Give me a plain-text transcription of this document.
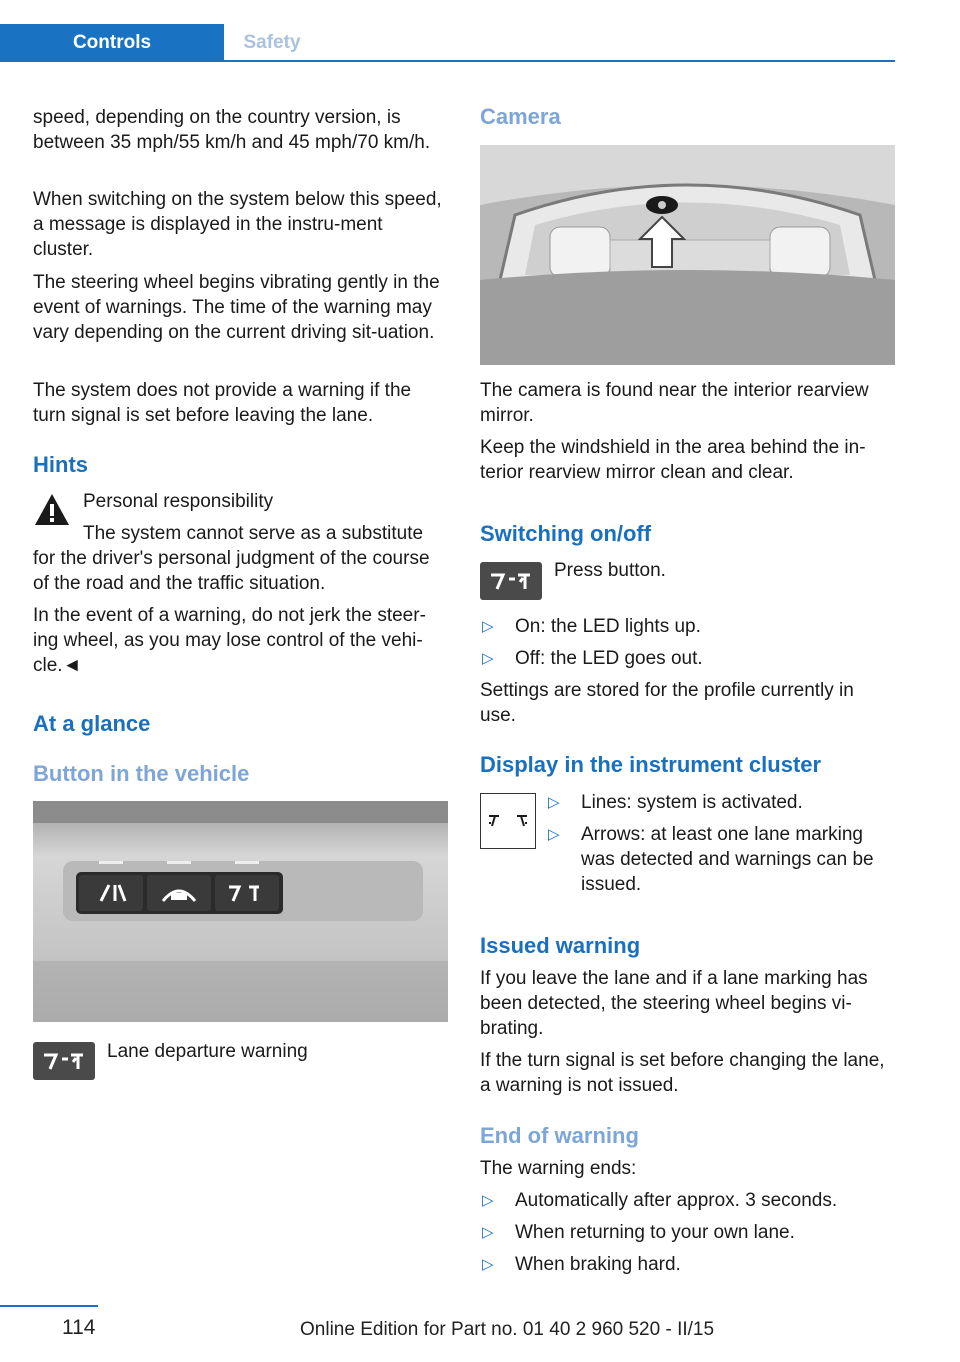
Controls	Safety

speed, depending on the country version, is between 35 mph/55 km/h and 45 mph/70 km/h.

When switching on the system below this speed, a message is displayed in the instru‐ment cluster.

The steering wheel begins vibrating gently in the event of warnings. The time of the warning may vary depending on the current driving sit‐uation.

The system does not provide a warning if the turn signal is set before leaving the lane.

Hints
Personal responsibility
The system cannot serve as a substitute

for the driver's personal judgment of the course of the road and the traffic situation.

In the event of a warning, do not jerk the steer‐ing wheel, as you may lose control of the vehi‐cle.◄

At a glance
Button in the vehicle
Lane departure warning
Camera

The camera is found near the interior rearview mirror.

Keep the windshield in the area behind the in‐terior rearview mirror clean and clear.

Switching on/off
Press button.
▷	On: the LED lights up.
▷	Off: the LED goes out.

Settings are stored for the profile currently in use.

Display in the instrument cluster
▷	Lines: system is activated.
▷	Arrows: at least one lane marking was detected and warnings can be issued.
Issued warning

If you leave the lane and if a lane marking has been detected, the steering wheel begins vi‐brating.

If the turn signal is set before changing the lane, a warning is not issued.

End of warning

The warning ends:

▷	Automatically after approx. 3 seconds.
▷	When returning to your own lane.
▷	When braking hard.
114	Online Edition for Part no. 01 40 2 960 520 - II/15
